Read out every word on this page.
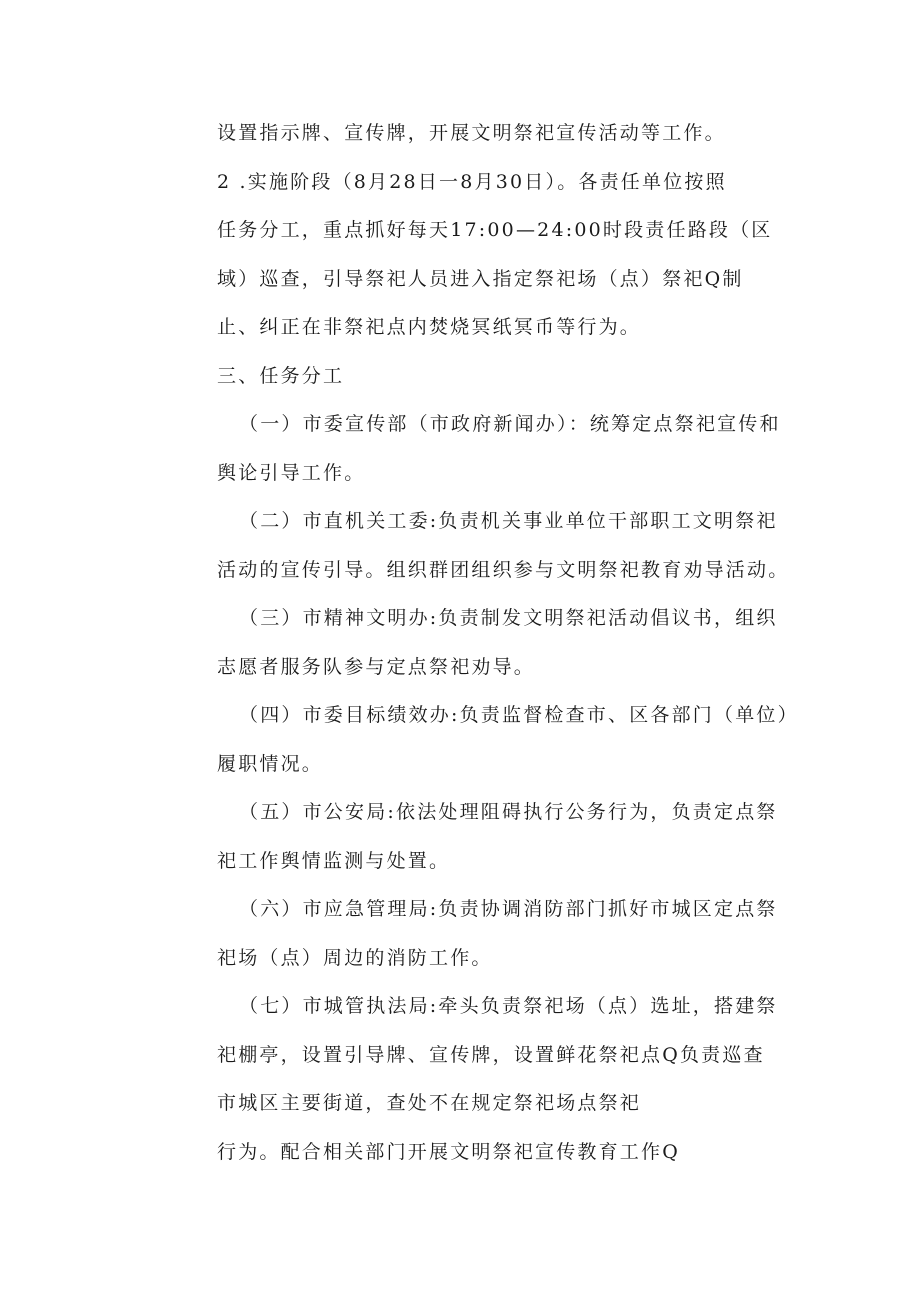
设置指示牌、宣传牌，开展文明祭祀宣传活动等工作。
2 .实施阶段（8月28日一8月30日）。各责任单位按照
任务分工，重点抓好每天17:00—24:00时段责任路段（区
域）巡查，引导祭祀人员进入指定祭祀场（点）祭祀Q制
止、纠正在非祭祀点内焚烧冥纸冥币等行为。
三、任务分工
（一）市委宣传部（市政府新闻办）：统筹定点祭祀宣传和
舆论引导工作。
（二）市直机关工委:负责机关事业单位干部职工文明祭祀
活动的宣传引导。组织群团组织参与文明祭祀教育劝导活动。
（三）市精神文明办:负责制发文明祭祀活动倡议书，组织
志愿者服务队参与定点祭祀劝导。
（四）市委目标绩效办:负责监督检查市、区各部门（单位）
履职情况。
（五）市公安局:依法处理阻碍执行公务行为，负责定点祭
祀工作舆情监测与处置。
（六）市应急管理局:负责协调消防部门抓好市城区定点祭
祀场（点）周边的消防工作。
（七）市城管执法局:牵头负责祭祀场（点）选址，搭建祭
祀棚亭，设置引导牌、宣传牌，设置鲜花祭祀点Q负责巡查
市城区主要街道，查处不在规定祭祀场点祭祀
行为。配合相关部门开展文明祭祀宣传教育工作Q
